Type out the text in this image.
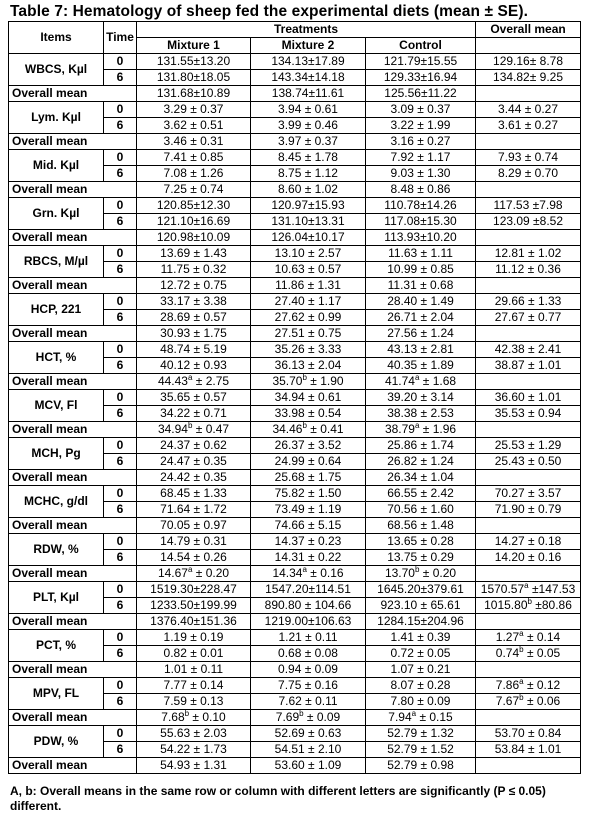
Table 7: Hematology of sheep fed the experimental diets (mean ± SE).
Items	Time	Treatments			Overall mean
		Mixture 1	Mixture 2	Control	
WBCS, Kµl	0	131.55±13.20	134.13±17.89	121.79±15.55	129.16± 8.78
	6	131.80±18.05	143.34±14.18	129.33±16.94	134.82± 9.25
Overall mean		131.68±10.89	138.74±11.61	125.56±11.22	
Lym. Kµl	0	3.29 ± 0.37	3.94 ± 0.61	3.09 ± 0.37	3.44 ± 0.27
	6	3.62 ± 0.51	3.99 ± 0.46	3.22 ± 1.99	3.61 ± 0.27
Overall mean		3.46 ± 0.31	3.97 ± 0.37	3.16 ± 0.27	
Mid. Kµl	0	7.41 ± 0.85	8.45 ± 1.78	7.92 ± 1.17	7.93 ± 0.74
	6	7.08 ± 1.26	8.75 ± 1.12	9.03 ± 1.30	8.29 ± 0.70
Overall mean		7.25 ± 0.74	8.60 ± 1.02	8.48 ± 0.86	
Grn. Kµl	0	120.85±12.30	120.97±15.93	110.78±14.26	117.53 ±7.98
	6	121.10±16.69	131.10±13.31	117.08±15.30	123.09 ±8.52
Overall mean		120.98±10.09	126.04±10.17	113.93±10.20	
RBCS, M/µl	0	13.69 ± 1.43	13.10 ± 2.57	11.63 ± 1.11	12.81 ± 1.02
	6	11.75 ± 0.32	10.63 ± 0.57	10.99 ± 0.85	11.12 ± 0.36
Overall mean		12.72 ± 0.75	11.86 ± 1.31	11.31 ± 0.68	
HCP, 221	0	33.17 ± 3.38	27.40 ± 1.17	28.40 ± 1.49	29.66 ± 1.33
	6	28.69 ± 0.57	27.62 ± 0.99	26.71 ± 2.04	27.67 ± 0.77
Overall mean		30.93 ± 1.75	27.51 ± 0.75	27.56 ± 1.24	
HCT, %	0	48.74 ± 5.19	35.26 ± 3.33	43.13 ± 2.81	42.38 ± 2.41
	6	40.12 ± 0.93	36.13 ± 2.04	40.35 ± 1.89	38.87 ± 1.01
Overall mean		44.43$^a$ ± 2.75	35.70$^b$ ± 1.90	41.74$^a$ ± 1.68	
MCV, Fl	0	35.65 ± 0.57	34.94 ± 0.61	39.20 ± 3.14	36.60 ± 1.01
	6	34.22 ± 0.71	33.98 ± 0.54	38.38 ± 2.53	35.53 ± 0.94
Overall mean		34.94$^b$ ± 0.47	34.46$^b$ ± 0.41	38.79$^a$ ± 1.96	
MCH, Pg	0	24.37 ± 0.62	26.37 ± 3.52	25.86 ± 1.74	25.53 ± 1.29
	6	24.47 ± 0.35	24.99 ± 0.64	26.82 ± 1.24	25.43 ± 0.50
Overall mean		24.42 ± 0.35	25.68 ± 1.75	26.34 ± 1.04	
MCHC, g/dl	0	68.45 ± 1.33	75.82 ± 1.50	66.55 ± 2.42	70.27 ± 3.57
	6	71.64 ± 1.72	73.49 ± 1.19	70.56 ± 1.60	71.90 ± 0.79
Overall mean		70.05 ± 0.97	74.66 ± 5.15	68.56 ± 1.48	
RDW, %	0	14.79 ± 0.31	14.37 ± 0.23	13.65 ± 0.28	14.27 ± 0.18
	6	14.54 ± 0.26	14.31 ± 0.22	13.75 ± 0.29	14.20 ± 0.16
Overall mean		14.67$^a$ ± 0.20	14.34$^a$ ± 0.16	13.70$^b$ ± 0.20	
PLT, Kµl	0	1519.30±228.47	1547.20±114.51	1645.20±379.61	1570.57$^a$ ±147.53
	6	1233.50±199.99	890.80 ± 104.66	923.10 ± 65.61	1015.80$^b$ ±80.86
Overall mean		1376.40±151.36	1219.00±106.63	1284.15±204.96	
PCT, %	0	1.19 ± 0.19	1.21 ± 0.11	1.41 ± 0.39	1.27$^a$ ± 0.14
	6	0.82 ± 0.01	0.68 ± 0.08	0.72 ± 0.05	0.74$^b$ ± 0.05
Overall mean		1.01 ± 0.11	0.94 ± 0.09	1.07 ± 0.21	
MPV, FL	0	7.77 ± 0.14	7.75 ± 0.16	8.07 ± 0.28	7.86$^a$ ± 0.12
	6	7.59 ± 0.13	7.62 ± 0.11	7.80 ± 0.09	7.67$^b$ ± 0.06
Overall mean		7.68$^b$ ± 0.10	7.69$^b$ ± 0.09	7.94$^a$ ± 0.15	
PDW, %	0	55.63 ± 2.03	52.69 ± 0.63	52.79 ± 1.32	53.70 ± 0.84
	6	54.22 ± 1.73	54.51 ± 2.10	52.79 ± 1.52	53.84 ± 1.01
Overall mean		54.93 ± 1.31	53.60 ± 1.09	52.79 ± 0.98	
A, b: Overall means in the same row or column with different letters are significantly (P ≤ 0.05) different.
